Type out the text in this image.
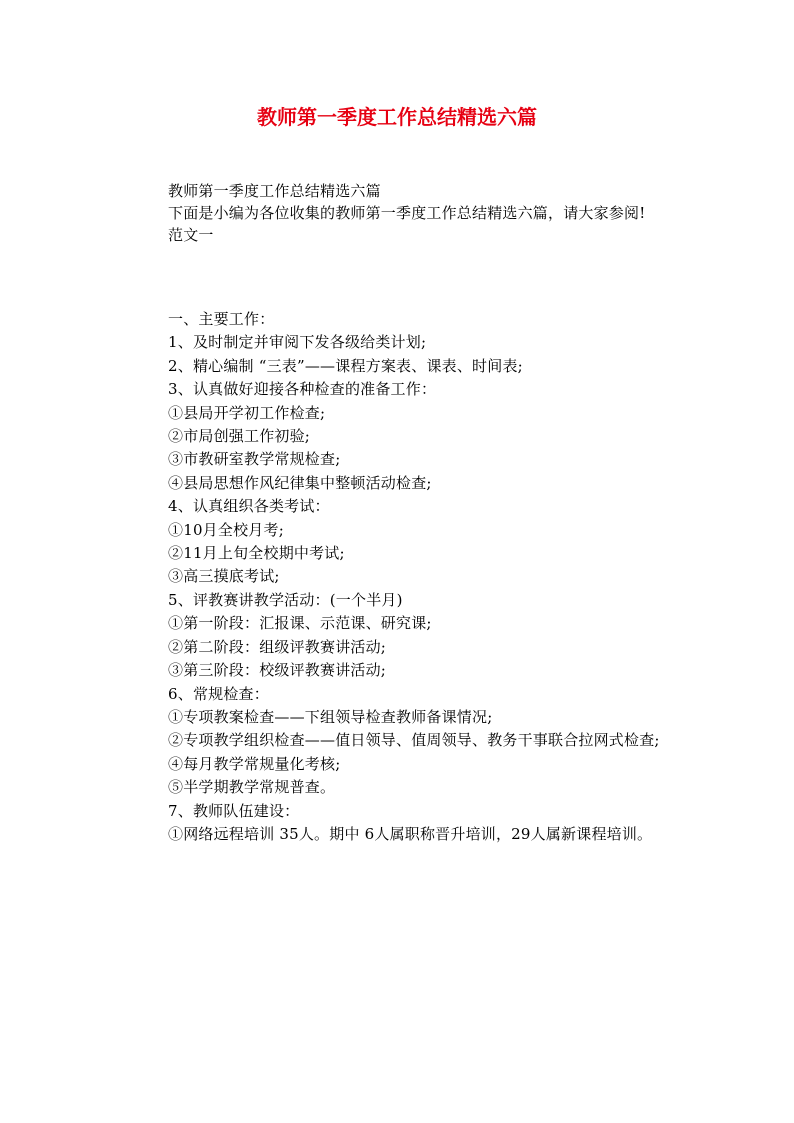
教师第一季度工作总结精选六篇
教师第一季度工作总结精选六篇
下面是小编为各位收集的教师第一季度工作总结精选六篇，请大家参阅!
范文一
一、主要工作：
1、及时制定并审阅下发各级给类计划;
2、精心编制 “三表”——课程方案表、课表、时间表;
3、认真做好迎接各种检查的准备工作：
①县局开学初工作检查;
②市局创强工作初验;
③市教研室教学常规检查;
④县局思想作风纪律集中整顿活动检查;
4、认真组织各类考试：
①10月全校月考;
②11月上旬全校期中考试;
③高三摸底考试;
5、评教赛讲教学活动：(一个半月)
①第一阶段：汇报课、示范课、研究课;
②第二阶段：组级评教赛讲活动;
③第三阶段：校级评教赛讲活动;
6、常规检查：
①专项教案检查——下组领导检查教师备课情况;
②专项教学组织检查——值日领导、值周领导、教务干事联合拉网式检查;
④每月教学常规量化考核;
⑤半学期教学常规普查。
7、教师队伍建设：
①网络远程培训 35人。期中 6人属职称晋升培训，29人属新课程培训。
